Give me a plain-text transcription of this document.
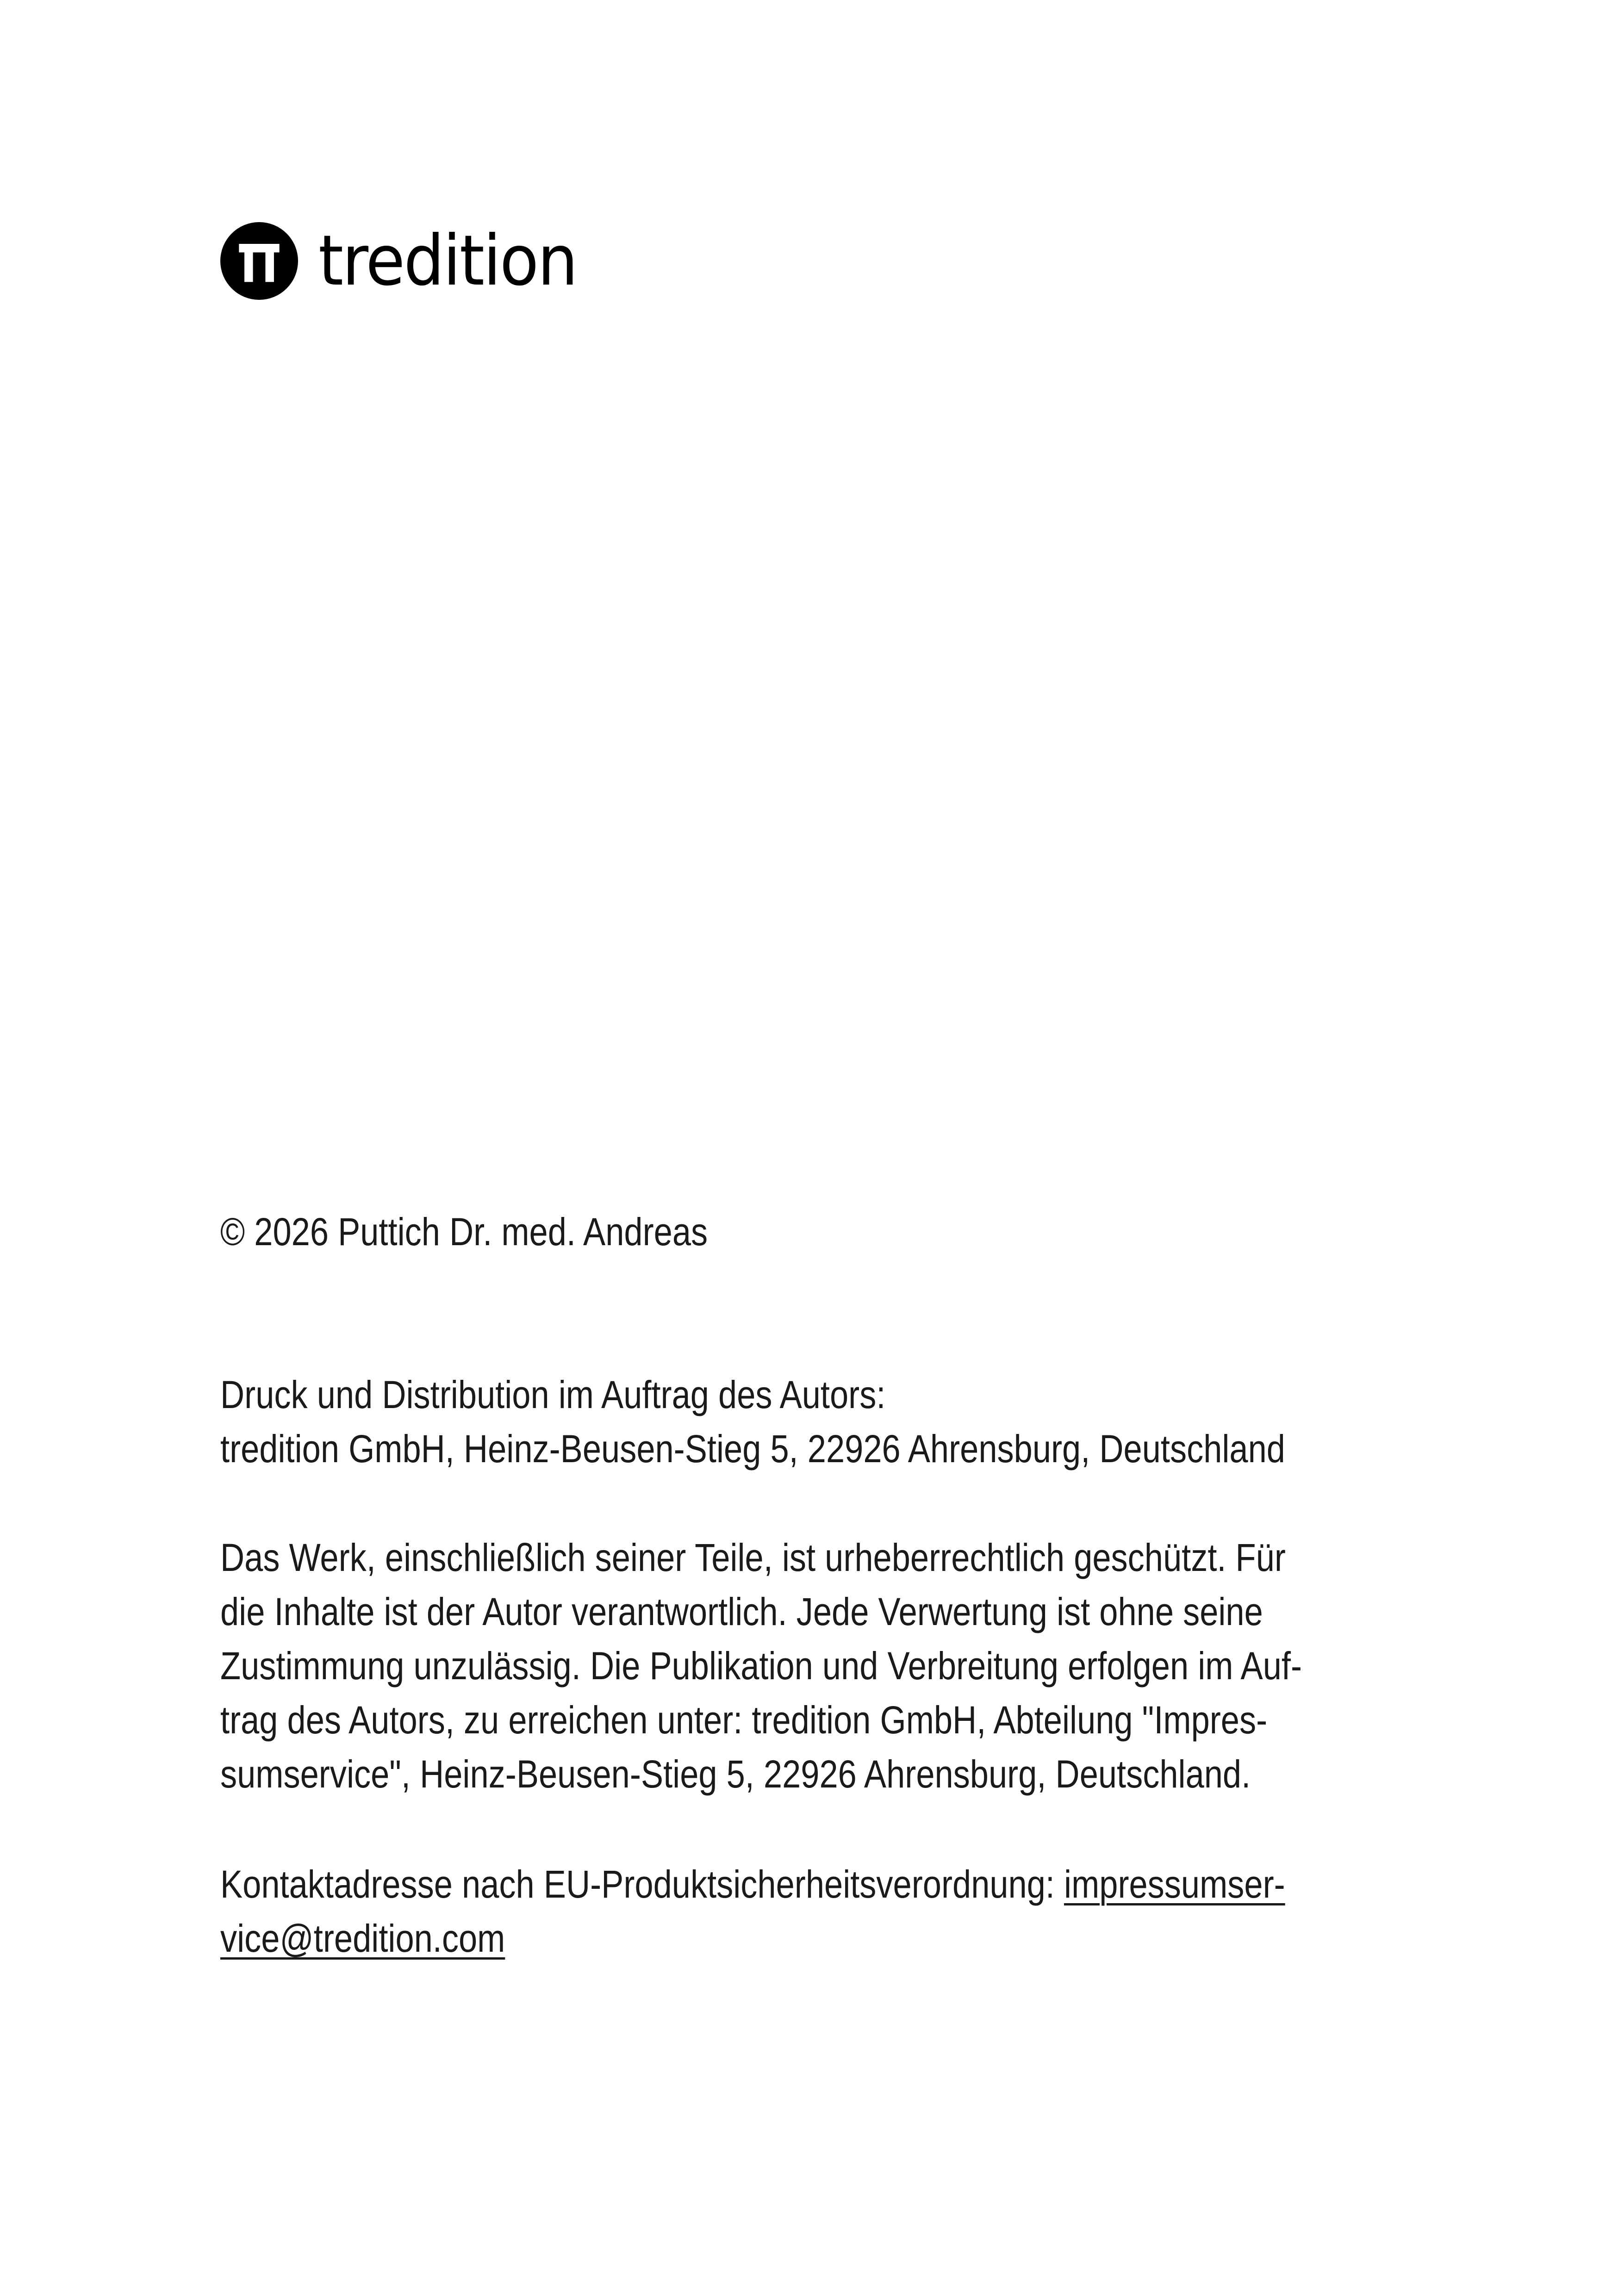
tredition

© 2026 Puttich Dr. med. Andreas

Druck und Distribution im Auftrag des Autors:

tredition GmbH, Heinz-Beusen-Stieg 5, 22926 Ahrensburg, Deutschland

Das Werk, einschließlich seiner Teile, ist urheberrechtlich geschützt. Für

die Inhalte ist der Autor verantwortlich. Jede Verwertung ist ohne seine

Zustimmung unzulässig. Die Publikation und Verbreitung erfolgen im Auf-

trag des Autors, zu erreichen unter: tredition GmbH, Abteilung "Impres-

sumservice", Heinz-Beusen-Stieg 5, 22926 Ahrensburg, Deutschland.

Kontaktadresse nach EU-Produktsicherheitsverordnung: impressumser-

vice@tredition.com
